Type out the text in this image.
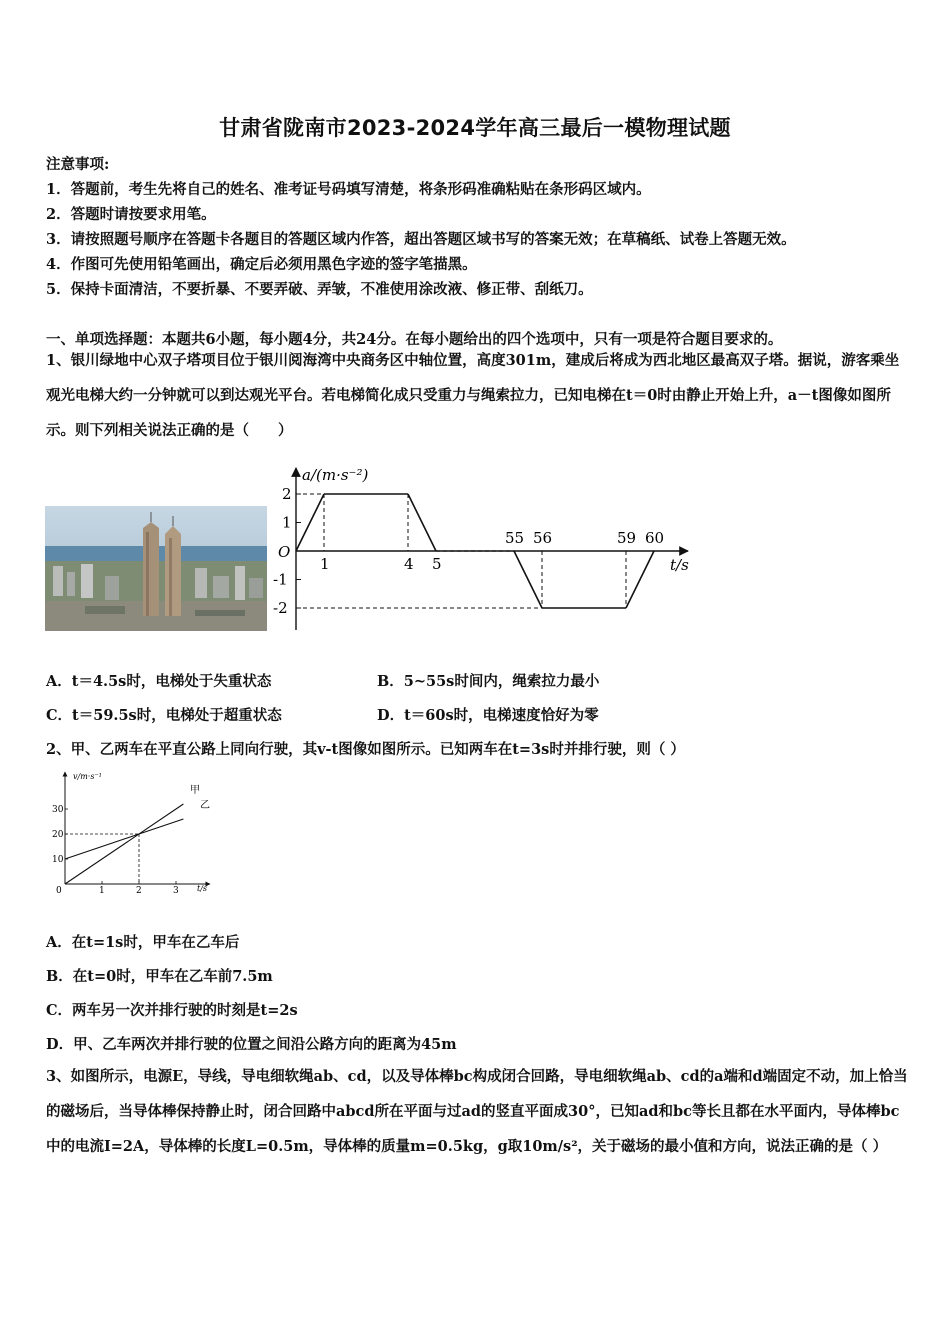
甘肃省陇南市2023-2024学年高三最后一模物理试题
注意事项:
1．答题前，考生先将自己的姓名、准考证号码填写清楚，将条形码准确粘贴在条形码区域内。
2．答题时请按要求用笔。
3．请按照题号顺序在答题卡各题目的答题区域内作答，超出答题区域书写的答案无效；在草稿纸、试卷上答题无效。
4．作图可先使用铅笔画出，确定后必须用黑色字迹的签字笔描黑。
5．保持卡面清洁，不要折暴、不要弄破、弄皱，不准使用涂改液、修正带、刮纸刀。
一、单项选择题：本题共6小题，每小题4分，共24分。在每小题给出的四个选项中，只有一项是符合题目要求的。
1、银川绿地中心双子塔项目位于银川阅海湾中央商务区中轴位置，高度301m，建成后将成为西北地区最高双子塔。据说，游客乘坐观光电梯大约一分钟就可以到达观光平台。若电梯简化成只受重力与绳索拉力，已知电梯在t＝0时由静止开始上升，a－t图像如图所示。则下列相关说法正确的是（　　）
a/(m·s⁻²)
t/s
O
2
1
-1
-2
1	4 5
55 56	59 60
A．t＝4.5s时，电梯处于失重状态	B．5~55s时间内，绳索拉力最小
C．t＝59.5s时，电梯处于超重状态	D．t＝60s时，电梯速度恰好为零
2、甲、乙两车在平直公路上同向行驶，其v-t图像如图所示。已知两车在t=3s时并排行驶，则（ ）
v/m·s⁻¹
t/s
甲
乙
10
20
30
0	1	2	3
A．在t=1s时，甲车在乙车后
B．在t=0时，甲车在乙车前7.5m
C．两车另一次并排行驶的时刻是t=2s
D．甲、乙车两次并排行驶的位置之间沿公路方向的距离为45m
3、如图所示，电源E，导线，导电细软绳ab、cd，以及导体棒bc构成闭合回路，导电细软绳ab、cd的a端和d端固定不动，加上恰当的磁场后，当导体棒保持静止时，闭合回路中abcd所在平面与过ad的竖直平面成30°，已知ad和bc等长且都在水平面内，导体棒bc中的电流I=2A，导体棒的长度L=0.5m，导体棒的质量m=0.5kg，g取10m/s²，关于磁场的最小值和方向，说法正确的是（ ）
